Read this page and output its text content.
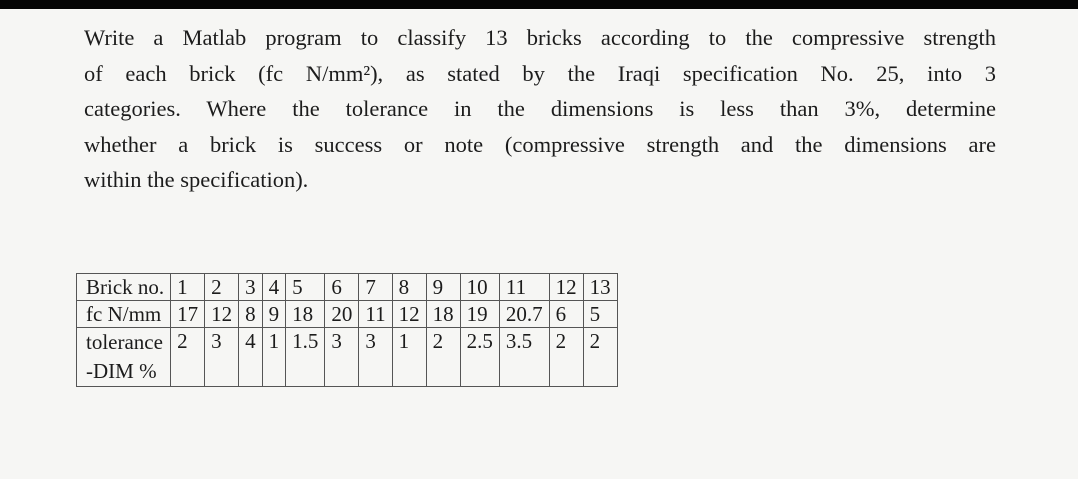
Write a Matlab program to classify 13 bricks according to the compressive strength
of each brick (fc N/mm²), as stated by the Iraqi specification No. 25, into 3
categories. Where the tolerance in the dimensions is less than 3%, determine
whether a brick is success or note (compressive strength and the dimensions are
within the specification).
Brick no.	1	2	3	4	5	6	7	8	9	10	11	12	13
fc N/mm	17	12	8	9	18	20	11	12	18	19	20.7	6	5
tolerance
-DIM %	2	3	4	1	1.5	3	3	1	2	2.5	3.5	2	2
